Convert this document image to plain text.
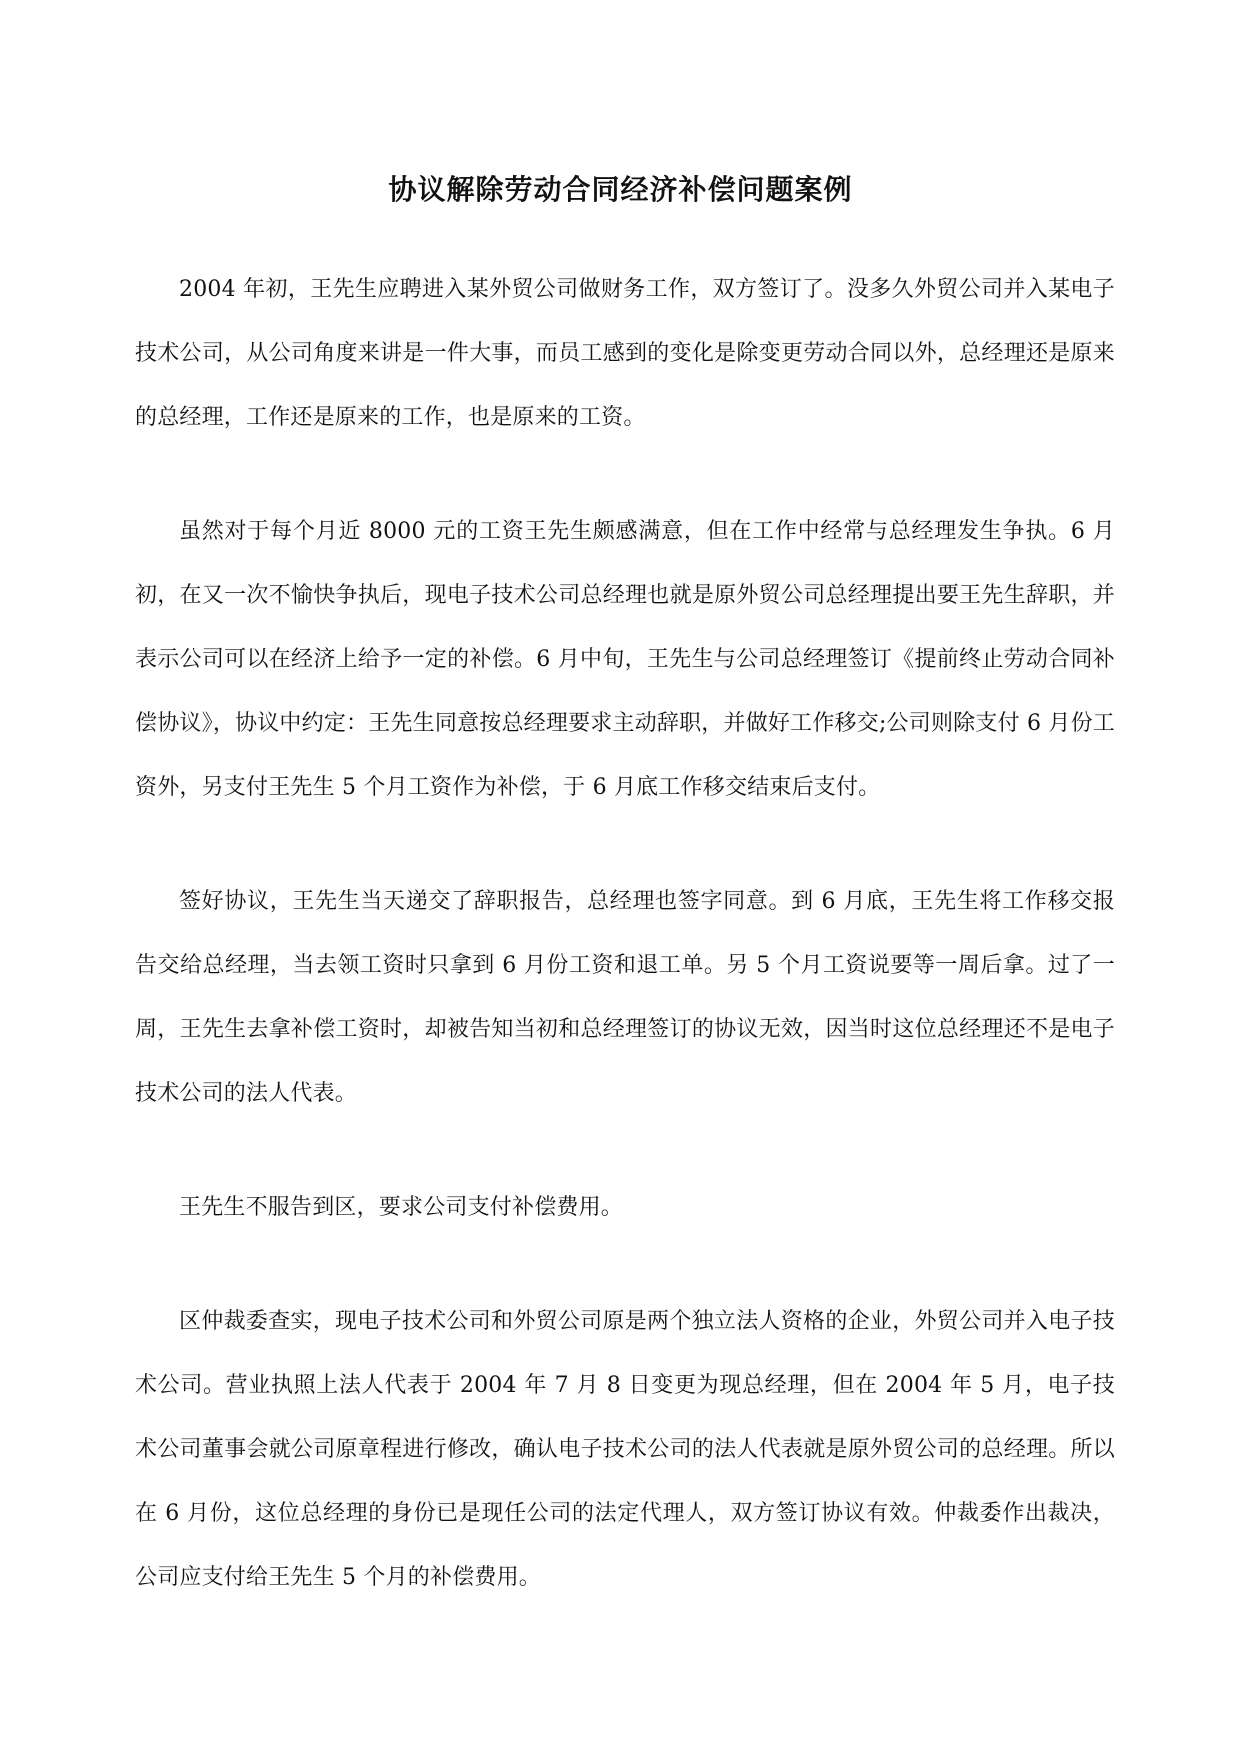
协议解除劳动合同经济补偿问题案例

2004 年初，王先生应聘进入某外贸公司做财务工作，双方签订了。没多久外贸公司并入某电子技术公司，从公司角度来讲是一件大事，而员工感到的变化是除变更劳动合同以外，总经理还是原来的总经理，工作还是原来的工作，也是原来的工资。

虽然对于每个月近 8000 元的工资王先生颇感满意，但在工作中经常与总经理发生争执。6 月初，在又一次不愉快争执后，现电子技术公司总经理也就是原外贸公司总经理提出要王先生辞职，并表示公司可以在经济上给予一定的补偿。6 月中旬，王先生与公司总经理签订《提前终止劳动合同补偿协议》，协议中约定：王先生同意按总经理要求主动辞职，并做好工作移交;公司则除支付 6 月份工资外，另支付王先生 5 个月工资作为补偿，于 6 月底工作移交结束后支付。

签好协议，王先生当天递交了辞职报告，总经理也签字同意。到 6 月底，王先生将工作移交报告交给总经理，当去领工资时只拿到 6 月份工资和退工单。另 5 个月工资说要等一周后拿。过了一周，王先生去拿补偿工资时，却被告知当初和总经理签订的协议无效，因当时这位总经理还不是电子技术公司的法人代表。

王先生不服告到区，要求公司支付补偿费用。

区仲裁委查实，现电子技术公司和外贸公司原是两个独立法人资格的企业，外贸公司并入电子技术公司。营业执照上法人代表于 2004 年 7 月 8 日变更为现总经理，但在 2004 年 5 月，电子技术公司董事会就公司原章程进行修改，确认电子技术公司的法人代表就是原外贸公司的总经理。所以在 6 月份，这位总经理的身份已是现任公司的法定代理人，双方签订协议有效。仲裁委作出裁决，公司应支付给王先生 5 个月的补偿费用。
